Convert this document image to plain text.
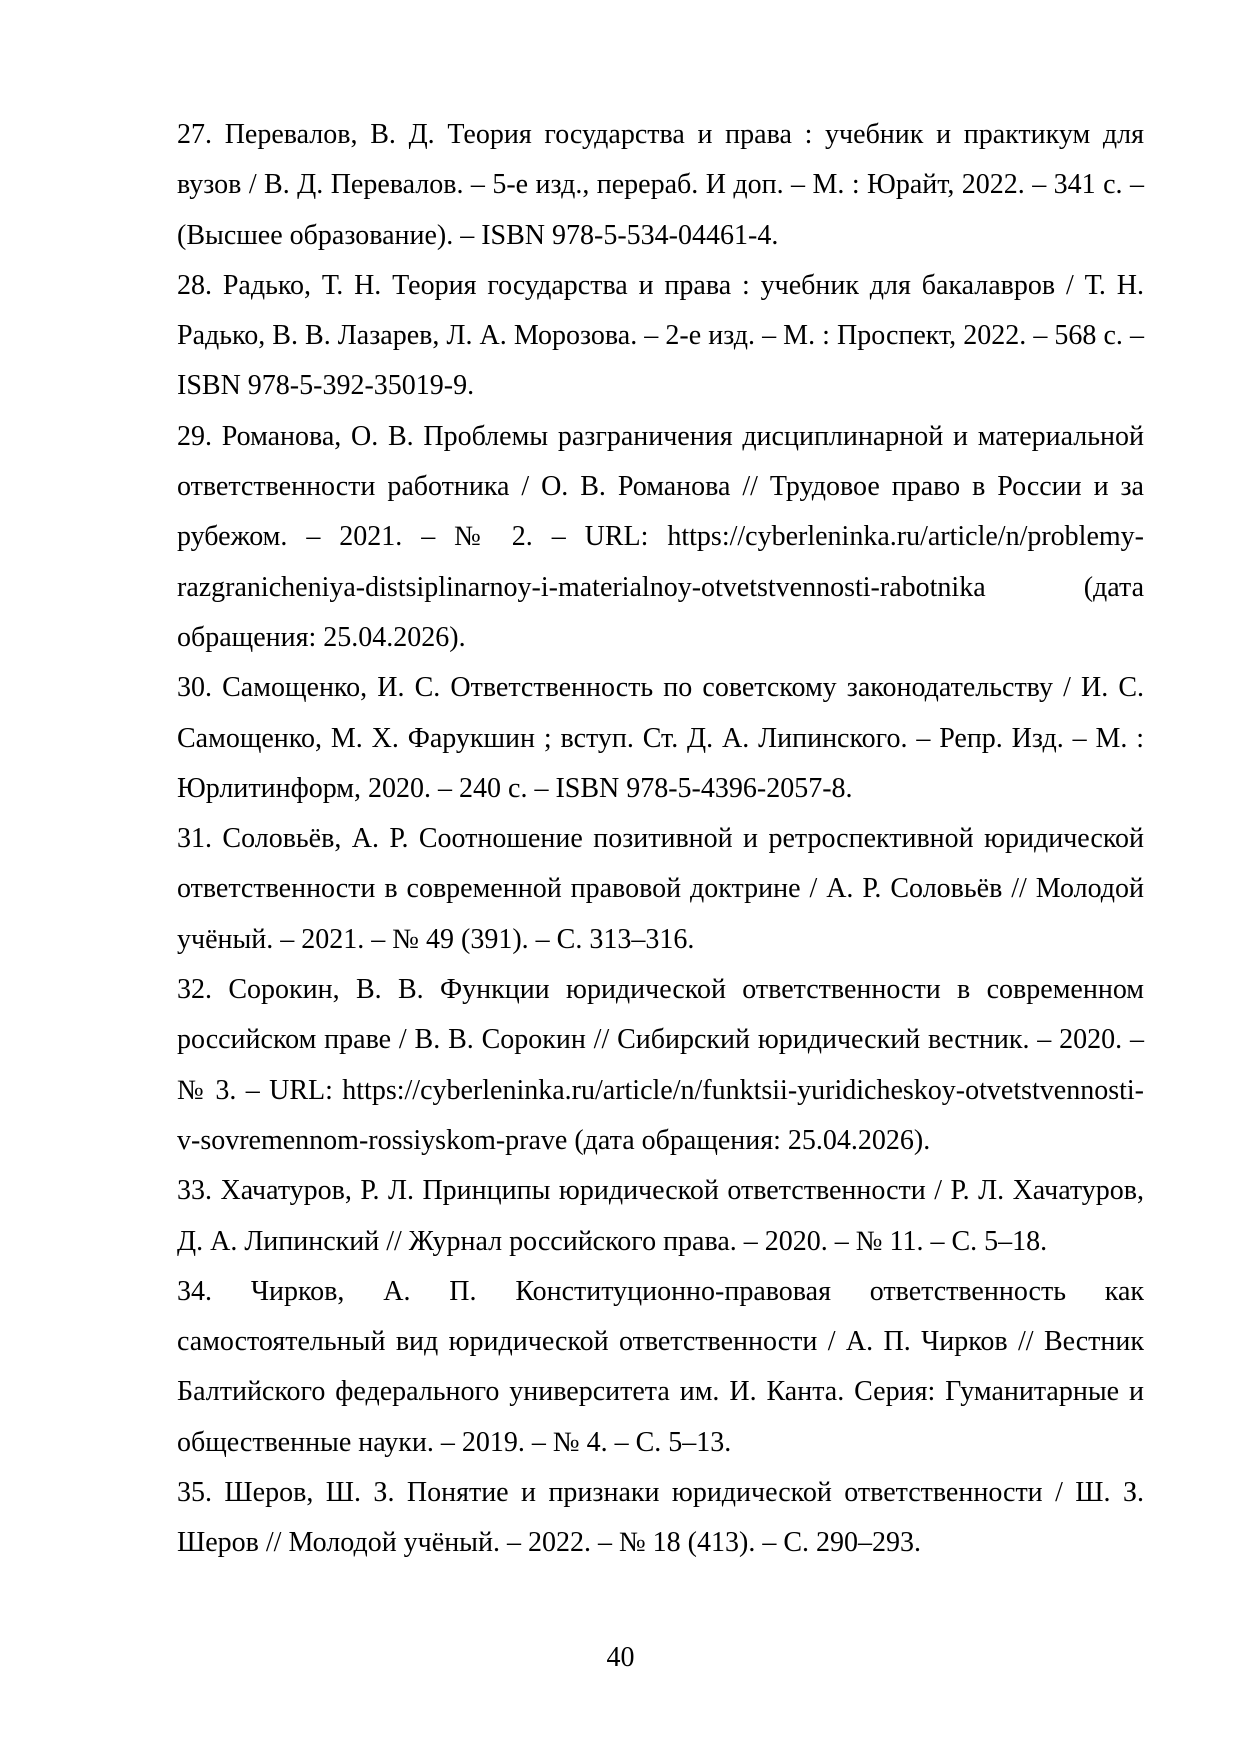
27. Перевалов, В. Д. Теория государства и права : учебник и практикум для вузов / В. Д. Перевалов. – 5-е изд., перераб. И доп. – М. : Юрайт, 2022. – 341 с. – (Высшее образование). – ISBN 978-5-534-04461-4.

28. Радько, Т. Н. Теория государства и права : учебник для бакалавров / Т. Н. Радько, В. В. Лазарев, Л. А. Морозова. – 2-е изд. – М. : Проспект, 2022. – 568 с. – ISBN 978-5-392-35019-9.

29. Романова, О. В. Проблемы разграничения дисциплинарной и материальной ответственности работника / О. В. Романова // Трудовое право в России и за рубежом. – 2021. – № 2. – URL: https://cyberleninka.ru/article/n/problemy-razgranicheniya-distsiplinarnoy-i-materialnoy-otvetstvennosti-rabotnika (дата обращения: 25.04.2026).

30. Самощенко, И. С. Ответственность по советскому законодательству / И. С. Самощенко, М. Х. Фарукшин ; вступ. Ст. Д. А. Липинского. – Репр. Изд. – М. : Юрлитинформ, 2020. – 240 с. – ISBN 978-5-4396-2057-8.

31. Соловьёв, А. Р. Соотношение позитивной и ретроспективной юридической ответственности в современной правовой доктрине / А. Р. Соловьёв // Молодой учёный. – 2021. – № 49 (391). – С. 313–316.

32. Сорокин, В. В. Функции юридической ответственности в современном российском праве / В. В. Сорокин // Сибирский юридический вестник. – 2020. – № 3. – URL: https://cyberleninka.ru/article/n/funktsii-yuridicheskoy-otvetstvennosti-v-sovremennom-rossiyskom-prave (дата обращения: 25.04.2026).

33. Хачатуров, Р. Л. Принципы юридической ответственности / Р. Л. Хачатуров, Д. А. Липинский // Журнал российского права. – 2020. – № 11. – С. 5–18.

34. Чирков, А. П. Конституционно-правовая ответственность как самостоятельный вид юридической ответственности / А. П. Чирков // Вестник Балтийского федерального университета им. И. Канта. Серия: Гуманитарные и общественные науки. – 2019. – № 4. – С. 5–13.

35. Шеров, Ш. З. Понятие и признаки юридической ответственности / Ш. З. Шеров // Молодой учёный. – 2022. – № 18 (413). – С. 290–293.

40
